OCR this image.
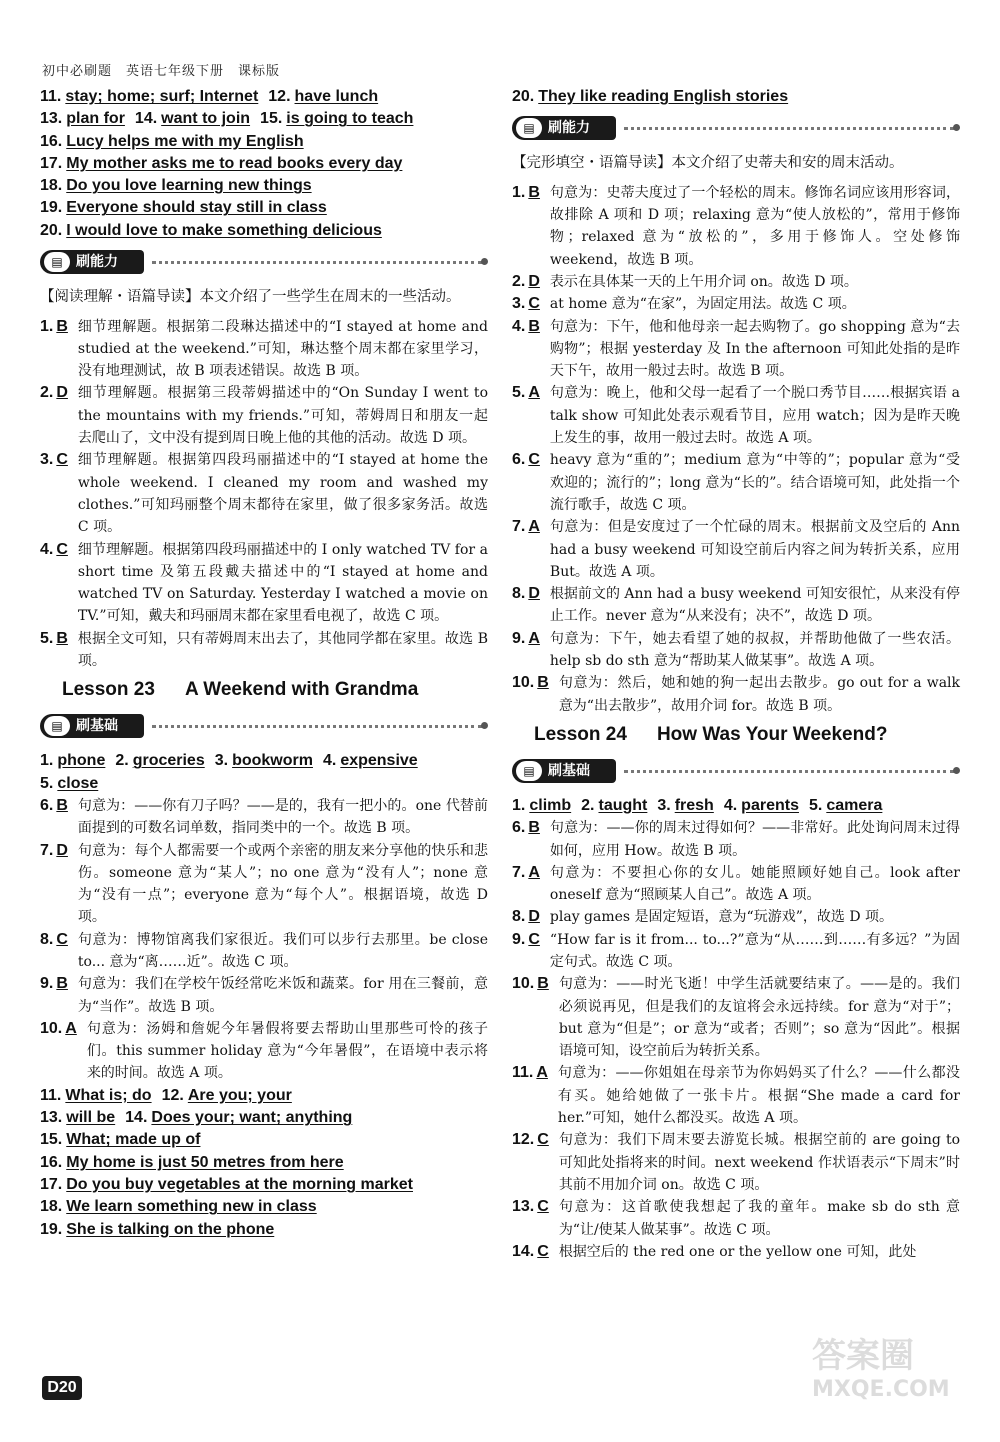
初中必刷题　英语七年级下册　课标版
11. stay; home; surf; Internet 12. have lunch
13. plan for 14. want to join 15. is going to teach
16. Lucy helps me with my English
17. My mother asks me to read books every day
18. Do you love learning new things
19. Everyone should stay still in class
20. I would love to make something delicious
▤ 刷能力
【阅读理解・语篇导读】本文介绍了一些学生在周末的一些活动。
1. B 细节理解题。根据第二段琳达描述中的“I stayed at home and studied at the weekend.”可知，琳达整个周末都在家里学习，没有地理测试，故 B 项表述错误。故选 B 项。
2. D 细节理解题。根据第三段蒂姆描述中的“On Sunday I went to the mountains with my friends.”可知，蒂姆周日和朋友一起去爬山了，文中没有提到周日晚上他的其他的活动。故选 D 项。
3. C 细节理解题。根据第四段玛丽描述中的“I stayed at home the whole weekend. I cleaned my room and washed my clothes.”可知玛丽整个周末都待在家里，做了很多家务活。故选 C 项。
4. C 细节理解题。根据第四段玛丽描述中的 I only watched TV for a short time 及第五段戴夫描述中的“I stayed at home and watched TV on Saturday. Yesterday I watched a movie on TV.”可知，戴夫和玛丽周末都在家里看电视了，故选 C 项。
5. B 根据全文可知，只有蒂姆周末出去了，其他同学都在家里。故选 B 项。
Lesson 23 A Weekend with Grandma
▤ 刷基础
1. phone 2. groceries 3. bookworm 4. expensive
5. close
6. B 句意为：——你有刀子吗？——是的，我有一把小的。one 代替前面提到的可数名词单数，指同类中的一个。故选 B 项。
7. D 句意为：每个人都需要一个或两个亲密的朋友来分享他的快乐和悲伤。someone 意为“某人”；no one 意为“没有人”；none 意为“没有一点”；everyone 意为“每个人”。根据语境，故选 D 项。
8. C 句意为：博物馆离我们家很近。我们可以步行去那里。be close to... 意为“离……近”。故选 C 项。
9. B 句意为：我们在学校午饭经常吃米饭和蔬菜。for 用在三餐前，意为“当作”。故选 B 项。
10. A 句意为：汤姆和詹妮今年暑假将要去帮助山里那些可怜的孩子们。this summer holiday 意为“今年暑假”，在语境中表示将来的时间。故选 A 项。
11. What is; do 12. Are you; your
13. will be 14. Does your; want; anything
15. What; made up of
16. My home is just 50 metres from here
17. Do you buy vegetables at the morning market
18. We learn something new in class
19. She is talking on the phone
20. They like reading English stories
▤ 刷能力
【完形填空・语篇导读】本文介绍了史蒂夫和安的周末活动。
1. B 句意为：史蒂夫度过了一个轻松的周末。修饰名词应该用形容词，故排除 A 项和 D 项；relaxing 意为“使人放松的”，常用于修饰物；relaxed 意为“放松的”，多用于修饰人。空处修饰 weekend，故选 B 项。
2. D 表示在具体某一天的上午用介词 on。故选 D 项。
3. C at home 意为“在家”，为固定用法。故选 C 项。
4. B 句意为：下午，他和他母亲一起去购物了。go shopping 意为“去购物”；根据 yesterday 及 In the afternoon 可知此处指的是昨天下午，故用一般过去时。故选 B 项。
5. A 句意为：晚上，他和父母一起看了一个脱口秀节目……根据宾语 a talk show 可知此处表示观看节目，应用 watch；因为是昨天晚上发生的事，故用一般过去时。故选 A 项。
6. C heavy 意为“重的”；medium 意为“中等的”；popular 意为“受欢迎的；流行的”；long 意为“长的”。结合语境可知，此处指一个流行歌手，故选 C 项。
7. A 句意为：但是安度过了一个忙碌的周末。根据前文及空后的 Ann had a busy weekend 可知设空前后内容之间为转折关系，应用 But。故选 A 项。
8. D 根据前文的 Ann had a busy weekend 可知安很忙，从来没有停止工作。never 意为“从来没有；决不”，故选 D 项。
9. A 句意为：下午，她去看望了她的叔叔，并帮助他做了一些农活。help sb do sth 意为“帮助某人做某事”。故选 A 项。
10. B 句意为：然后，她和她的狗一起出去散步。go out for a walk 意为“出去散步”，故用介词 for。故选 B 项。
Lesson 24 How Was Your Weekend?
▤ 刷基础
1. climb 2. taught 3. fresh 4. parents 5. camera
6. B 句意为：——你的周末过得如何？——非常好。此处询问周末过得如何，应用 How。故选 B 项。
7. A 句意为：不要担心你的女儿。她能照顾好她自己。look after oneself 意为“照顾某人自己”。故选 A 项。
8. D play games 是固定短语，意为“玩游戏”，故选 D 项。
9. C “How far is it from... to...?”意为“从……到……有多远？”为固定句式。故选 C 项。
10. B 句意为：——时光飞逝！中学生活就要结束了。——是的。我们必须说再见，但是我们的友谊将会永远持续。for 意为“对于”；but 意为“但是”；or 意为“或者；否则”；so 意为“因此”。根据语境可知，设空前后为转折关系。
11. A 句意为：——你姐姐在母亲节为你妈妈买了什么？——什么都没有买。她给她做了一张卡片。根据“She made a card for her.”可知，她什么都没买。故选 A 项。
12. C 句意为：我们下周末要去游览长城。根据空前的 are going to 可知此处指将来的时间。next weekend 作状语表示“下周末”时其前不用加介词 on。故选 C 项。
13. C 句意为：这首歌使我想起了我的童年。make sb do sth 意为“让/使某人做某事”。故选 C 项。
14. C 根据空后的 the red one or the yellow one 可知，此处
D20
答案圈
MXQE.COM
